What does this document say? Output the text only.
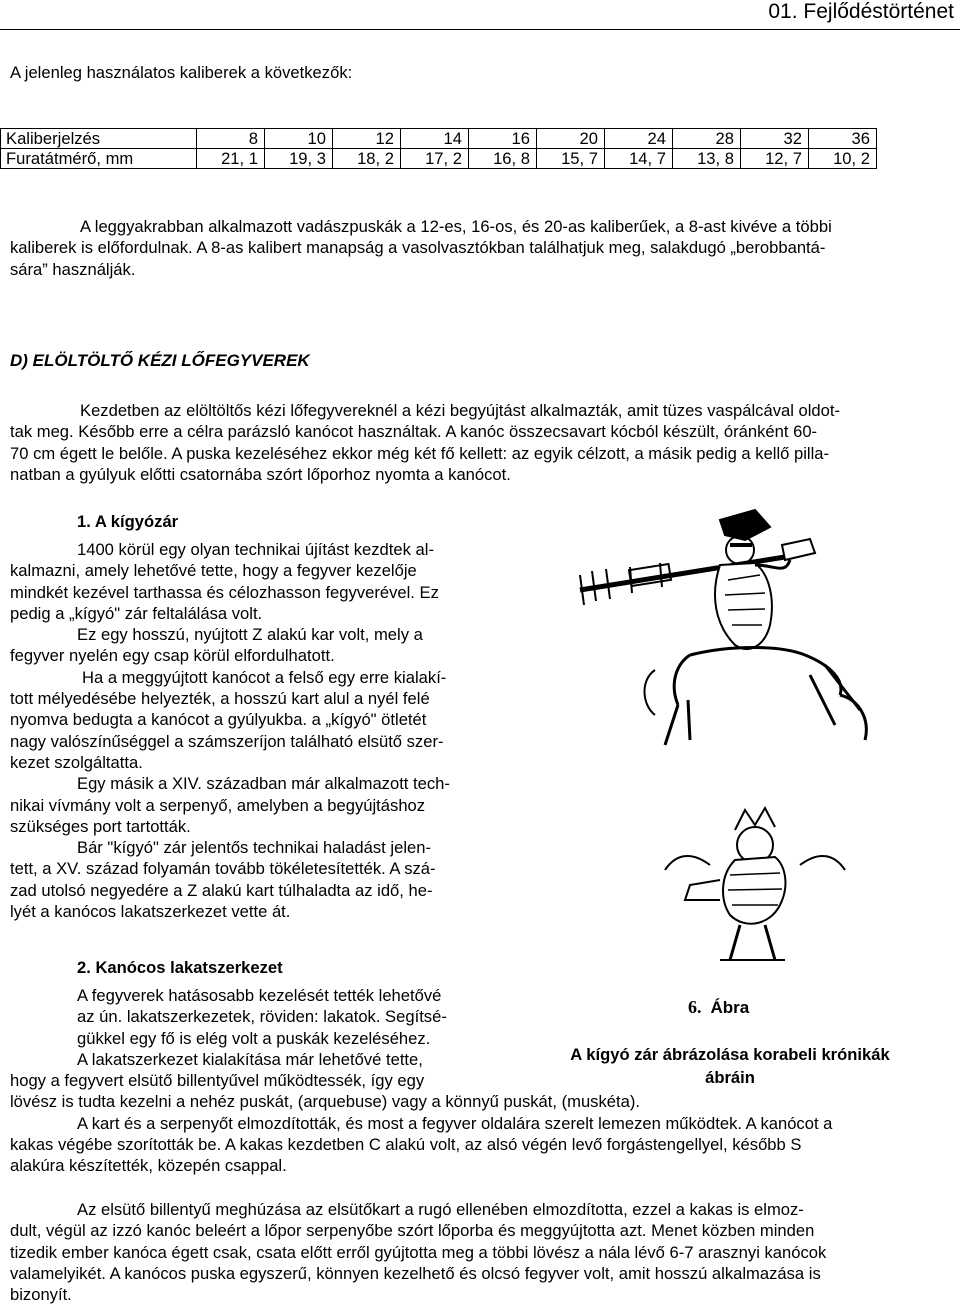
01. Fejlődéstörténet
A jelenleg használatos kaliberek a következők:
Kaliberjelzés	8	10	12	14	16	20	24	28	32	36
Furatátmérő, mm	21, 1	19, 3	18, 2	17, 2	16, 8	15, 7	14, 7	13, 8	12, 7	10, 2

A leggyakrabban alkalmazott vadászpuskák a 12-es, 16-os, és 20-as kaliberűek, a 8-ast kivéve a többi

kaliberek is előfordulnak. A 8-as kalibert manapság a vasolvasztókban találhatjuk meg, salakdugó „berobbantá-

sára” használják.

D) ELÖLTÖLTŐ KÉZI LŐFEGYVEREK

Kezdetben az elöltöltős kézi lőfegyvereknél a kézi begyújtást alkalmazták, amit tüzes vaspálcával oldot-

tak meg. Később erre a célra parázsló kanócot használtak. A kanóc összecsavart kócból készült, óránként 60-

70 cm égett le belőle. A puska kezeléséhez ekkor még két fő kellett: az egyik célzott, a másik pedig a kellő pilla-

natban a gyúlyuk előtti csatornába szórt lőporhoz nyomta a kanócot.

1. A kígyózár

1400 körül egy olyan technikai újítást kezdtek al-

kalmazni, amely lehetővé tette, hogy a fegyver kezelője

mindkét kezével tarthassa és célozhasson fegyverével. Ez

pedig a „kígyó" zár feltalálása volt.

Ez egy hosszú, nyújtott Z alakú kar volt, mely a

fegyver nyelén egy csap körül elfordulhatott.

Ha a meggyújtott kanócot a felső egy erre kialakí-

tott mélyedésébe helyezték, a hosszú kart alul a nyél felé

nyomva bedugta a kanócot a gyúlyukba. a „kígyó" ötletét

nagy valószínűséggel a számszeríjon található elsütő szer-

kezet szolgáltatta.

Egy másik a XIV. században már alkalmazott tech-

nikai vívmány volt a serpenyő, amelyben a begyújtáshoz

szükséges port tartották.

Bár "kígyó" zár jelentős technikai haladást jelen-

tett, a XV. század folyamán tovább tökéletesítették. A szá-

zad utolsó negyedére a Z alakú kart túlhaladta az idő, he-

lyét a kanócos lakatszerkezet vette át.

6. Ábra
A kígyó zár ábrázolása korabeli krónikák
ábráin
2. Kanócos lakatszerkezet

A fegyverek hatásosabb kezelését tették lehetővé

az ún. lakatszerkezetek, röviden: lakatok. Segítsé-

gükkel egy fő is elég volt a puskák kezeléséhez.

A lakatszerkezet kialakítása már lehetővé tette,

hogy a fegyvert elsütő billentyűvel működtessék, így egy

lövész is tudta kezelni a nehéz puskát, (arquebuse) vagy a könnyű puskát, (muskéta).

A kart és a serpenyőt elmozdították, és most a fegyver oldalára szerelt lemezen működtek. A kanócot a

kakas végébe szorították be. A kakas kezdetben C alakú volt, az alsó végén levő forgástengellyel, később S

alakúra készítették, közepén csappal.

Az elsütő billentyű meghúzása az elsütőkart a rugó ellenében elmozdította, ezzel a kakas is elmoz-

dult, végül az izzó kanóc beleért a lőpor serpenyőbe szórt lőporba és meggyújtotta azt. Menet közben minden

tizedik ember kanóca égett csak, csata előtt erről gyújtotta meg a többi lövész a nála lévő 6-7 arasznyi kanócok

valamelyikét. A kanócos puska egyszerű, könnyen kezelhető és olcsó fegyver volt, amit hosszú alkalmazása is

bizonyít.
